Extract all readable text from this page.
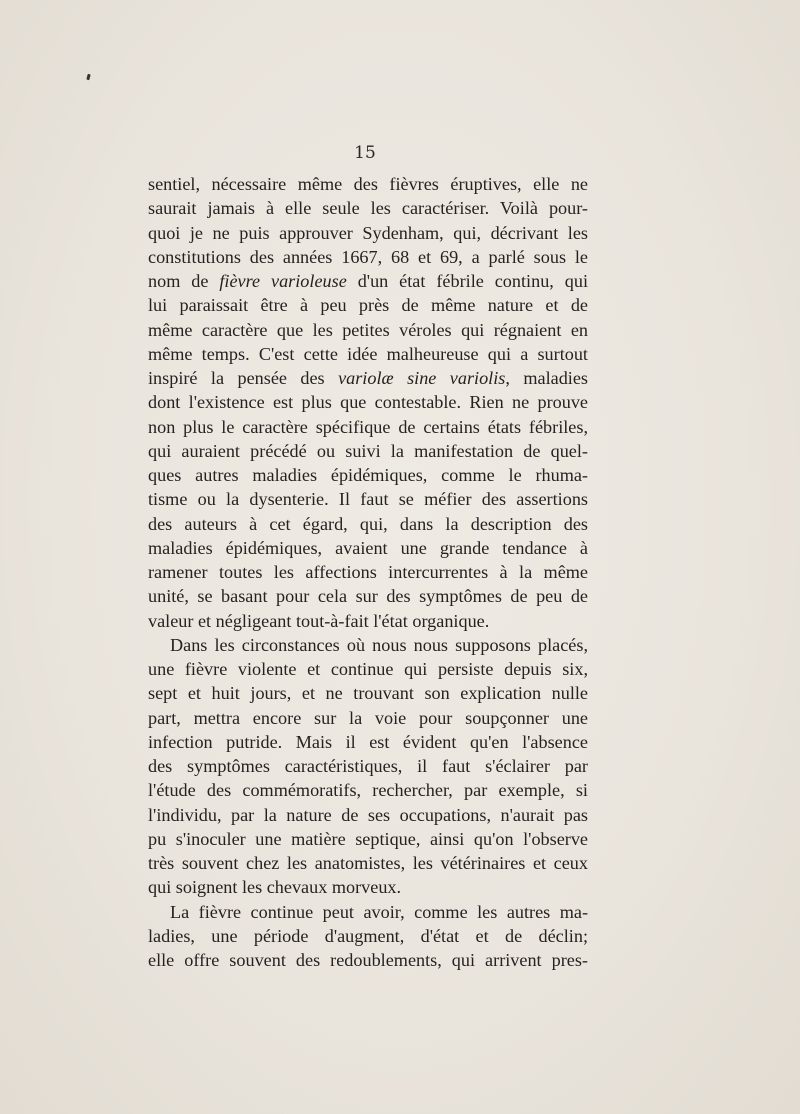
15
sentiel, nécessaire même des fièvres éruptives, elle ne
saurait jamais à elle seule les caractériser. Voilà pour-
quoi je ne puis approuver Sydenham, qui, décrivant les
constitutions des années 1667, 68 et 69, a parlé sous le
nom de fièvre varioleuse d'un état fébrile continu, qui
lui paraissait être à peu près de même nature et de
même caractère que les petites véroles qui régnaient en
même temps. C'est cette idée malheureuse qui a surtout
inspiré la pensée des variolæ sine variolis, maladies
dont l'existence est plus que contestable. Rien ne prouve
non plus le caractère spécifique de certains états fébriles,
qui auraient précédé ou suivi la manifestation de quel-
ques autres maladies épidémiques, comme le rhuma-
tisme ou la dysenterie. Il faut se méfier des assertions
des auteurs à cet égard, qui, dans la description des
maladies épidémiques, avaient une grande tendance à
ramener toutes les affections intercurrentes à la même
unité, se basant pour cela sur des symptômes de peu de
valeur et négligeant tout-à-fait l'état organique.
Dans les circonstances où nous nous supposons placés,
une fièvre violente et continue qui persiste depuis six,
sept et huit jours, et ne trouvant son explication nulle
part, mettra encore sur la voie pour soupçonner une
infection putride. Mais il est évident qu'en l'absence
des symptômes caractéristiques, il faut s'éclairer par
l'étude des commémoratifs, rechercher, par exemple, si
l'individu, par la nature de ses occupations, n'aurait pas
pu s'inoculer une matière septique, ainsi qu'on l'observe
très souvent chez les anatomistes, les vétérinaires et ceux
qui soignent les chevaux morveux.
La fièvre continue peut avoir, comme les autres ma-
ladies, une période d'augment, d'état et de déclin;
elle offre souvent des redoublements, qui arrivent pres-
